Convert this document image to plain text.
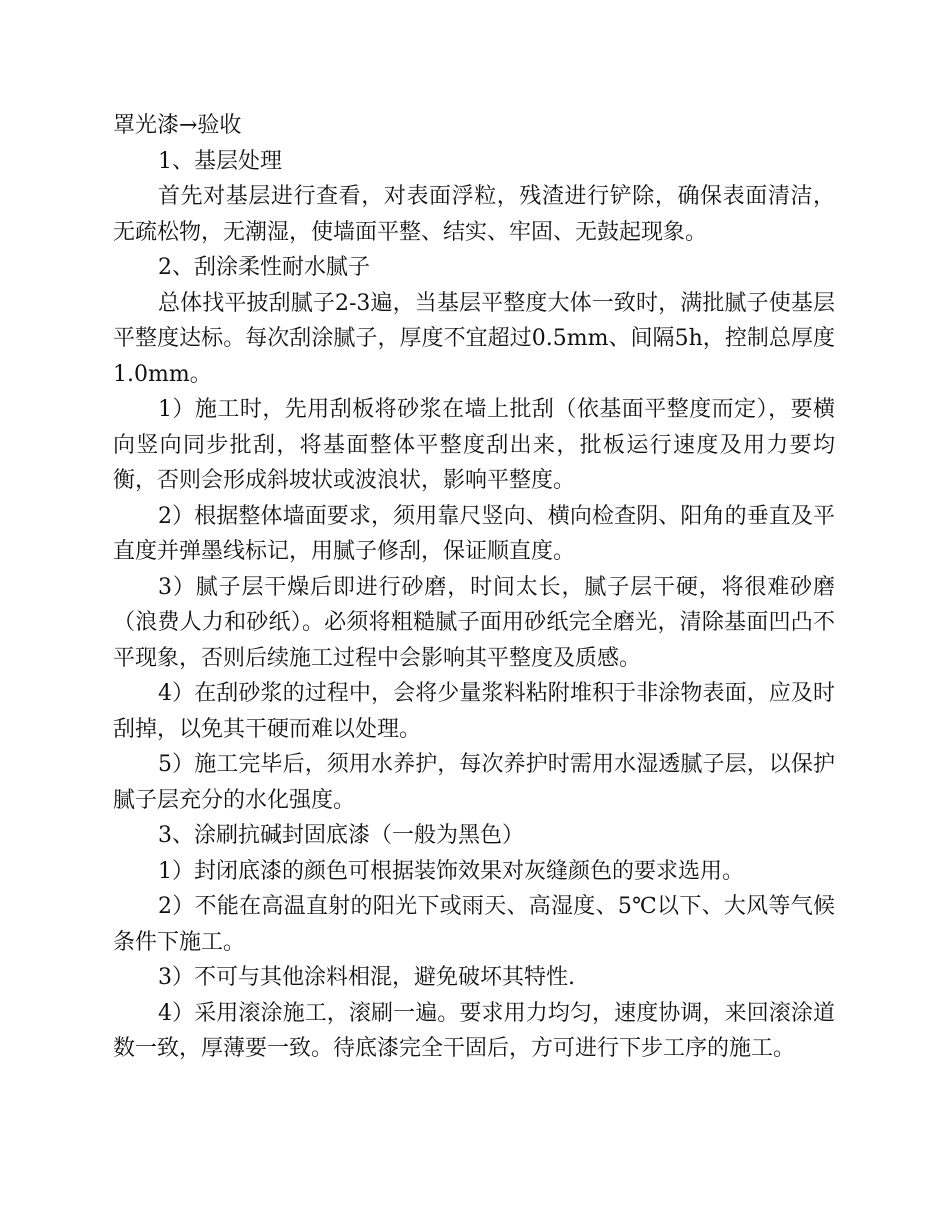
罩光漆→验收

1、基层处理

首先对基层进行查看，对表面浮粒，残渣进行铲除，确保表面清洁，无疏松物，无潮湿，使墙面平整、结实、牢固、无鼓起现象。

2、刮涂柔性耐水腻子

总体找平披刮腻子2-3遍，当基层平整度大体一致时，满批腻子使基层平整度达标。每次刮涂腻子，厚度不宜超过0.5mm、间隔5h，控制总厚度1.0mm。

1）施工时，先用刮板将砂浆在墙上批刮（依基面平整度而定），要横向竖向同步批刮，将基面整体平整度刮出来，批板运行速度及用力要均衡，否则会形成斜坡状或波浪状，影响平整度。

2）根据整体墙面要求，须用靠尺竖向、横向检查阴、阳角的垂直及平直度并弹墨线标记，用腻子修刮，保证顺直度。

3）腻子层干燥后即进行砂磨，时间太长，腻子层干硬，将很难砂磨（浪费人力和砂纸）。必须将粗糙腻子面用砂纸完全磨光，清除基面凹凸不平现象，否则后续施工过程中会影响其平整度及质感。

4）在刮砂浆的过程中，会将少量浆料粘附堆积于非涂物表面，应及时刮掉，以免其干硬而难以处理。

5）施工完毕后，须用水养护，每次养护时需用水湿透腻子层，以保护腻子层充分的水化强度。

3、涂刷抗碱封固底漆（一般为黑色）

1）封闭底漆的颜色可根据装饰效果对灰缝颜色的要求选用。

2）不能在高温直射的阳光下或雨天、高湿度、5℃以下、大风等气候条件下施工。

3）不可与其他涂料相混，避免破坏其特性.

4）采用滚涂施工，滚刷一遍。要求用力均匀，速度协调，来回滚涂道数一致，厚薄要一致。待底漆完全干固后，方可进行下步工序的施工。
